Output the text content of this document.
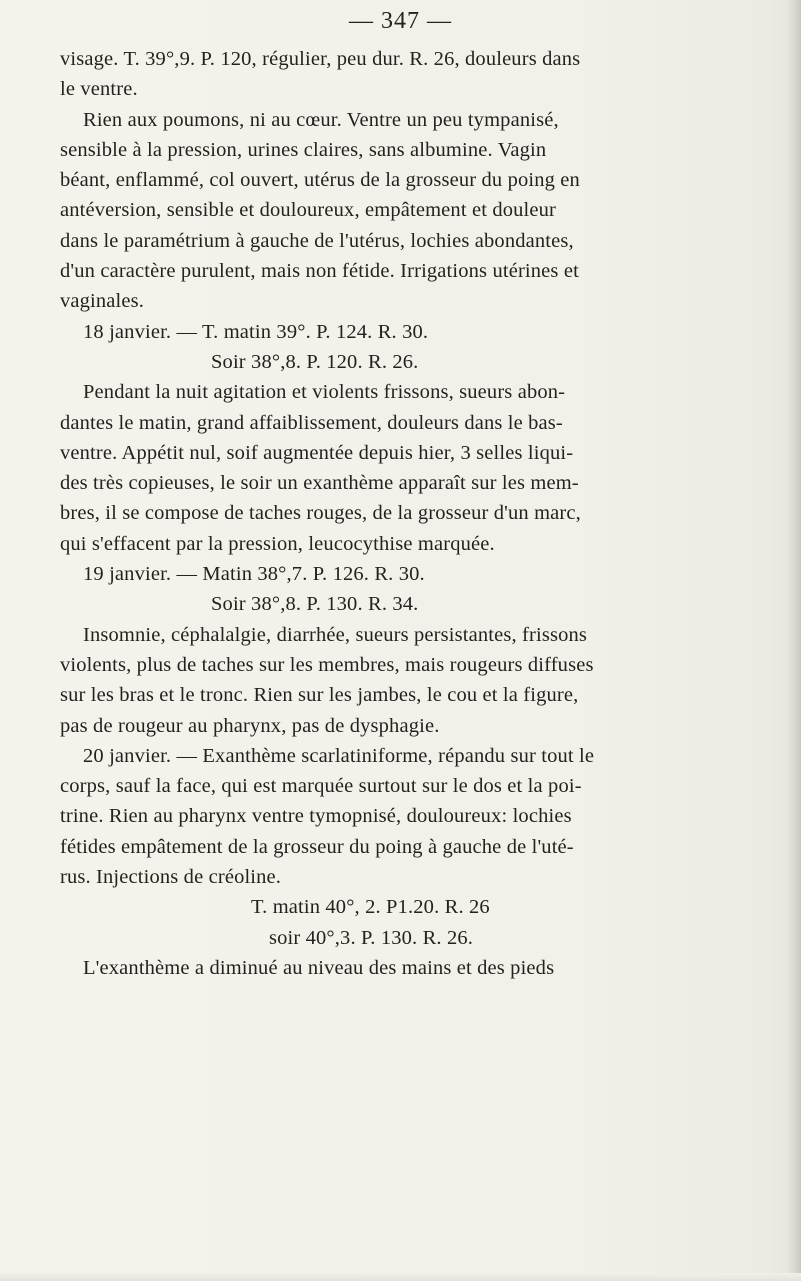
— 347 —

visage. T. 39°,9. P. 120, régulier, peu dur. R. 26, douleurs dans

le ventre.

Rien aux poumons, ni au cœur. Ventre un peu tympanisé,

sensible à la pression, urines claires, sans albumine. Vagin

béant, enflammé, col ouvert, utérus de la grosseur du poing en

antéversion, sensible et douloureux, empâtement et douleur

dans le paramétrium à gauche de l'utérus, lochies abondantes,

d'un caractère purulent, mais non fétide. Irrigations utérines et

vaginales.

18 janvier. — T. matin 39°. P. 124. R. 30.

Soir 38°,8. P. 120. R. 26.

Pendant la nuit agitation et violents frissons, sueurs abon-

dantes le matin, grand affaiblissement, douleurs dans le bas-

ventre. Appétit nul, soif augmentée depuis hier, 3 selles liqui-

des très copieuses, le soir un exanthème apparaît sur les mem-

bres, il se compose de taches rouges, de la grosseur d'un marc,

qui s'effacent par la pression, leucocythise marquée.

19 janvier. — Matin 38°,7. P. 126. R. 30.

Soir 38°,8. P. 130. R. 34.

Insomnie, céphalalgie, diarrhée, sueurs persistantes, frissons

violents, plus de taches sur les membres, mais rougeurs diffuses

sur les bras et le tronc. Rien sur les jambes, le cou et la figure,

pas de rougeur au pharynx, pas de dysphagie.

20 janvier. — Exanthème scarlatiniforme, répandu sur tout le

corps, sauf la face, qui est marquée surtout sur le dos et la poi-

trine. Rien au pharynx ventre tymopnisé, douloureux: lochies

fétides empâtement de la grosseur du poing à gauche de l'uté-

rus. Injections de créoline.

T. matin 40°, 2. P1.20. R. 26

soir 40°,3. P. 130. R. 26.

L'exanthème a diminué au niveau des mains et des pieds
